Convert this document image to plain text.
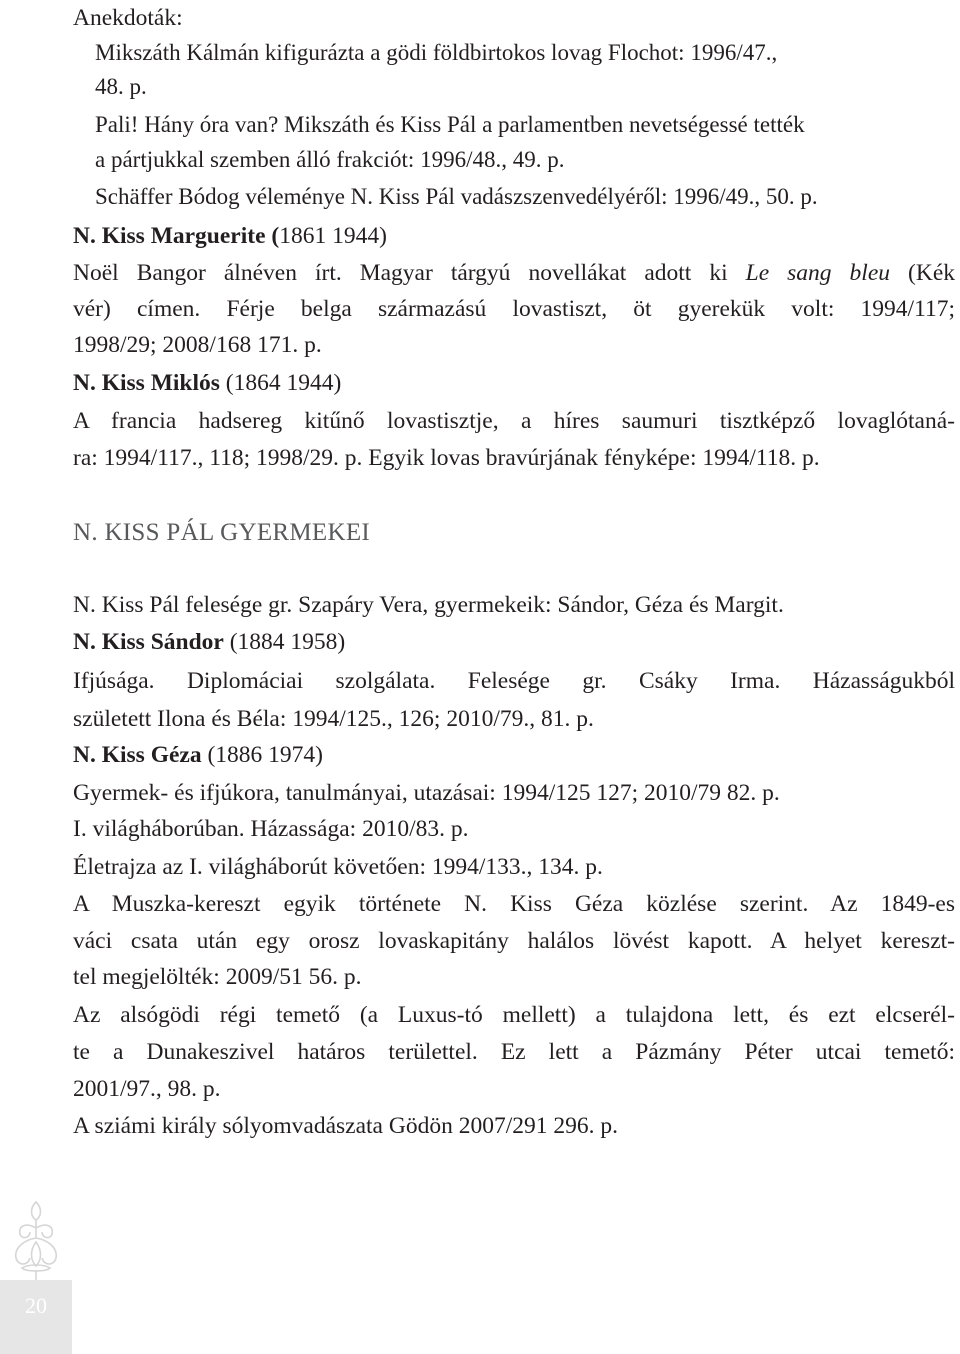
Anekdoták:
Mikszáth Kálmán kifigurázta a gödi földbirtokos lovag Flochot: 1996/47.,
48. p.
Pali! Hány óra van? Mikszáth és Kiss Pál a parlamentben nevetségessé tették
a pártjukkal szemben álló frakciót: 1996/48., 49. p.
Schäffer Bódog véleménye N. Kiss Pál vadászszenvedélyéről: 1996/49., 50. p.
N. Kiss Marguerite (1861 1944)
Noël Bangor álnéven írt. Magyar tárgyú novellákat adott ki Le sang bleu (Kék
vér) címen. Férje belga származású lovastiszt, öt gyerekük volt: 1994/117;
1998/29; 2008/168 171. p.
N. Kiss Miklós (1864 1944)
A francia hadsereg kitűnő lovastisztje, a híres saumuri tisztképző lovaglótaná-
ra: 1994/117., 118; 1998/29. p. Egyik lovas bravúrjának fényképe: 1994/118. p.
N. KISS PÁL GYERMEKEI
N. Kiss Pál felesége gr. Szapáry Vera, gyermekeik: Sándor, Géza és Margit.
N. Kiss Sándor (1884 1958)
Ifjúsága. Diplomáciai szolgálata. Felesége gr. Csáky Irma. Házasságukból
született Ilona és Béla: 1994/125., 126; 2010/79., 81. p.
N. Kiss Géza (1886 1974)
Gyermek- és ifjúkora, tanulmányai, utazásai: 1994/125 127; 2010/79 82. p.
I. világháborúban. Házassága: 2010/83. p.
Életrajza az I. világháborút követően: 1994/133., 134. p.
A Muszka-kereszt egyik története N. Kiss Géza közlése szerint. Az 1849-es
váci csata után egy orosz lovaskapitány halálos lövést kapott. A helyet kereszt-
tel megjelölték: 2009/51 56. p.
Az alsógödi régi temető (a Luxus-tó mellett) a tulajdona lett, és ezt elcserél-
te a Dunakeszivel határos területtel. Ez lett a Pázmány Péter utcai temető:
2001/97., 98. p.
A sziámi király sólyomvadászata Gödön 2007/291 296. p.
20
